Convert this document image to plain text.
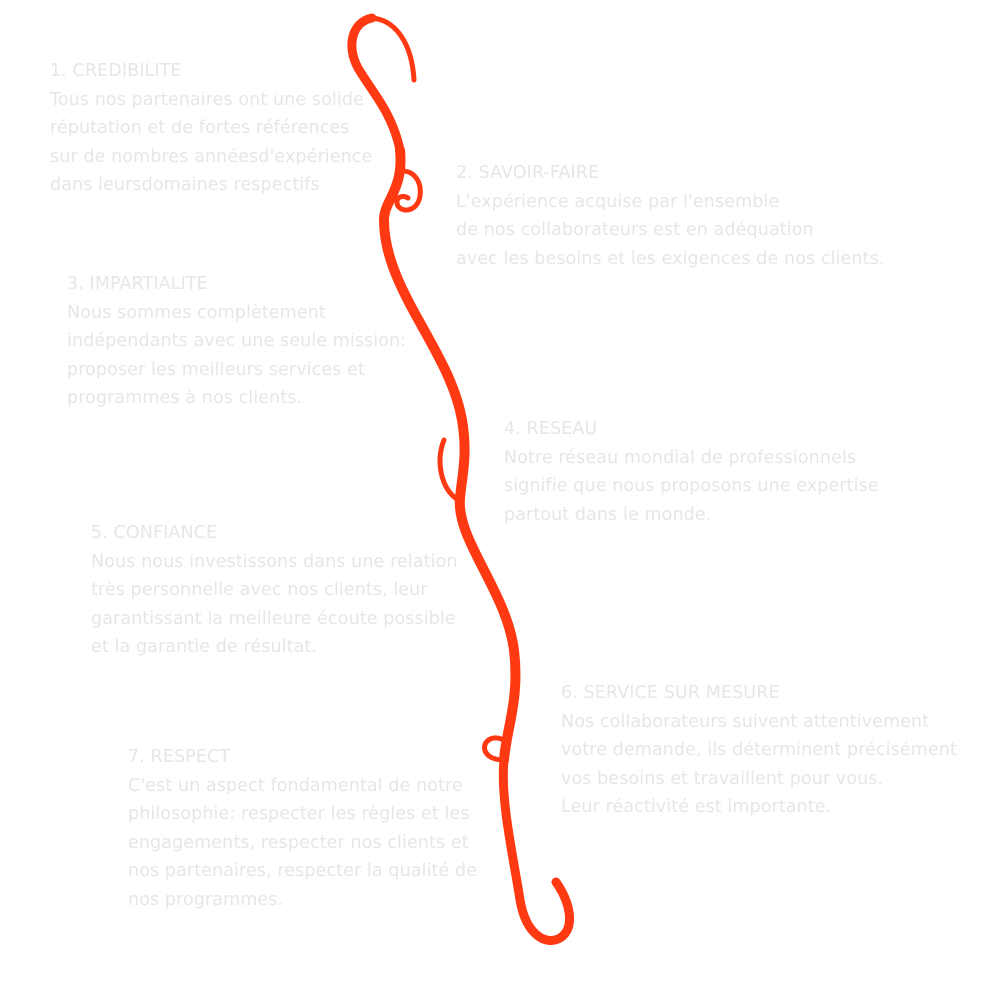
1. CREDIBILITE
Tous nos partenaires ont une solide
réputation et de fortes références
sur de nombres annéesd'expérience
dans leursdomaines respectifs
2. SAVOIR-FAIRE
L'expérience acquise par l'ensemble
de nos collaborateurs est en adéquation
avec les besoins et les exigences de nos clients.
3. IMPARTIALITE
Nous sommes complètement
indépendants avec une seule mission:
proposer les meilleurs services et
programmes à nos clients.
4. RESEAU
Notre réseau mondial de professionnels
signifie que nous proposons une expertise
partout dans le monde.
5. CONFIANCE
Nous nous investissons dans une relation
très personnelle avec nos clients, leur
garantissant la meilleure écoute possible
et la garantie de résultat.
6. SERVICE SUR MESURE
Nos collaborateurs suivent attentivement
votre demande, ils déterminent précisément
vos besoins et travaillent pour vous.
Leur réactivité est importante.
7. RESPECT
C'est un aspect fondamental de notre
philosophie: respecter les règles et les
engagements, respecter nos clients et
nos partenaires, respecter la qualité de
nos programmes.
